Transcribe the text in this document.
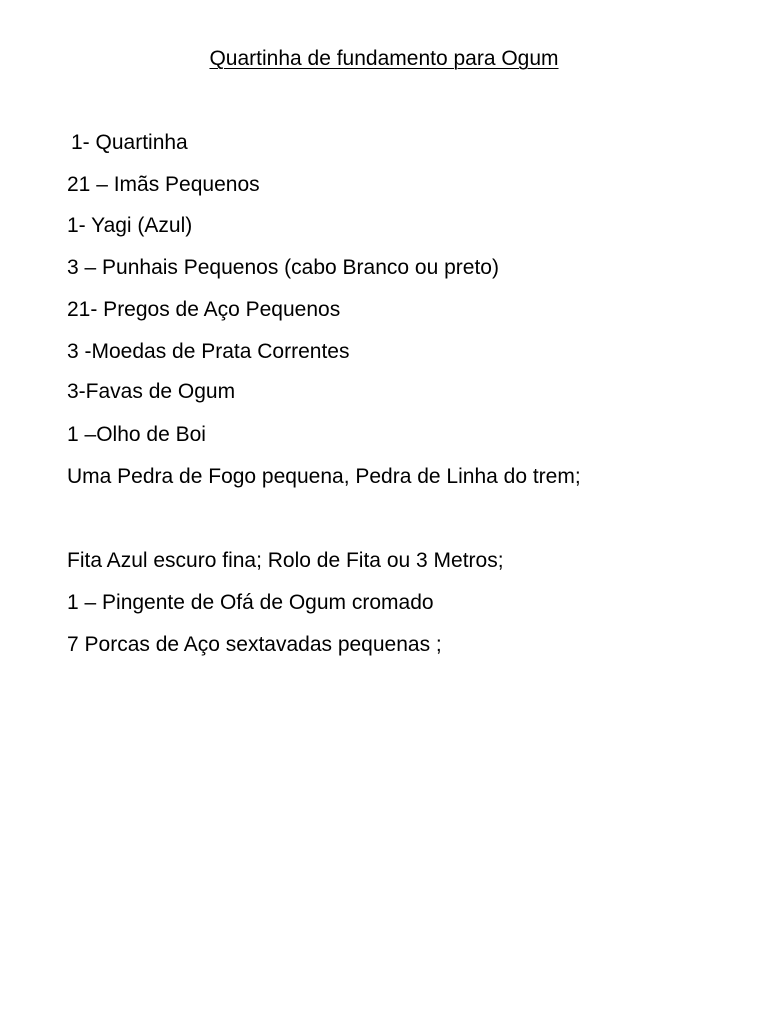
Quartinha de fundamento para Ogum
1- Quartinha
21 – Imãs Pequenos
1- Yagi (Azul)
3 – Punhais Pequenos (cabo Branco ou preto)
21- Pregos de Aço Pequenos
3 -Moedas de Prata Correntes
3-Favas de Ogum
1 –Olho de Boi
Uma Pedra de Fogo pequena, Pedra de Linha do trem;
Fita Azul escuro fina; Rolo de Fita ou 3 Metros;
1 – Pingente de Ofá de Ogum cromado
7 Porcas de Aço sextavadas pequenas ;
